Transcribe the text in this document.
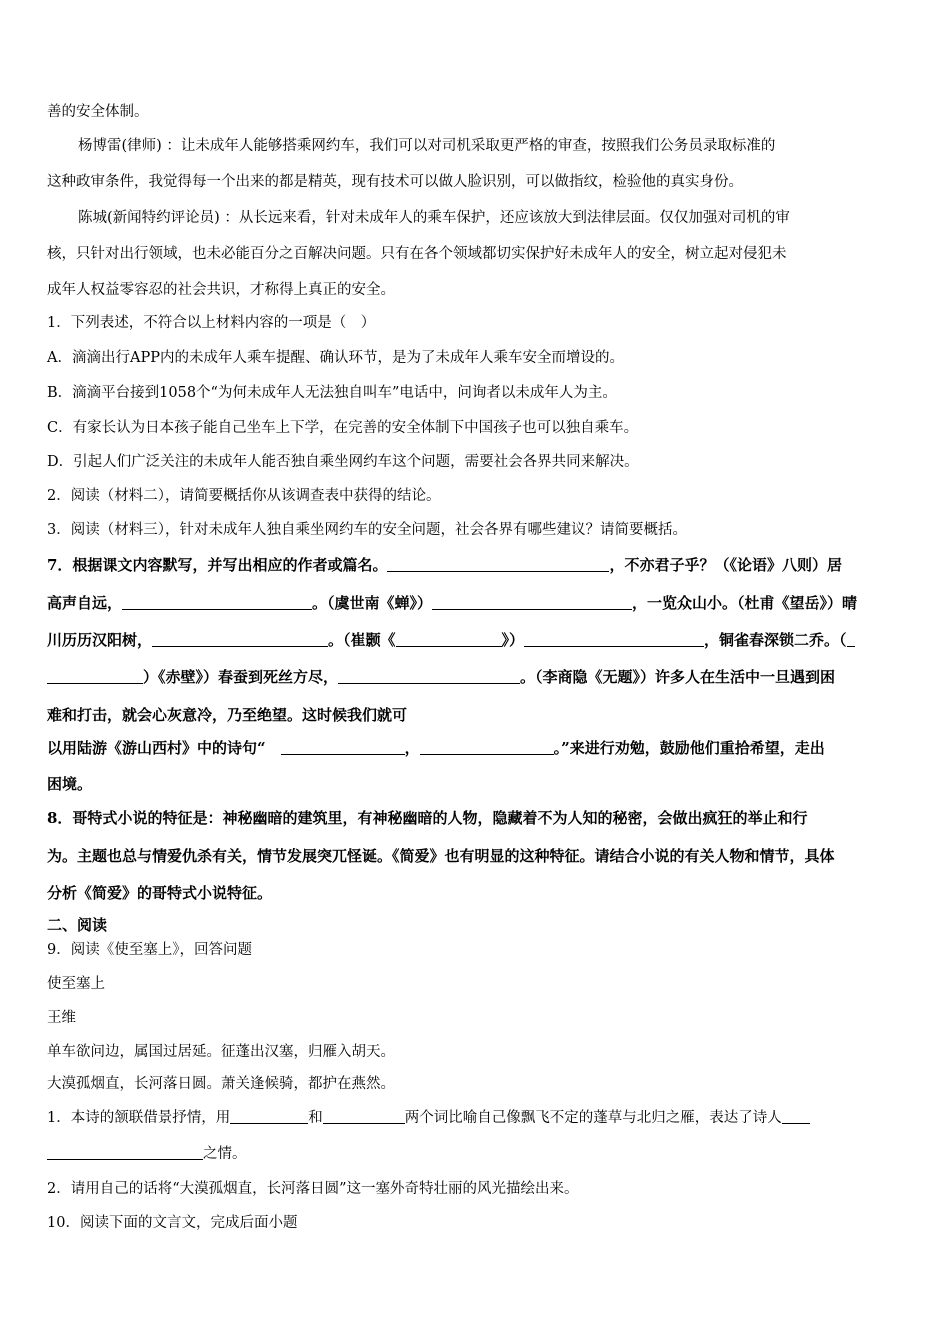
善的安全体制。
杨博雷(律师) ：让未成年人能够搭乘网约车，我们可以对司机采取更严格的审查，按照我们公务员录取标准的
这种政审条件，我觉得每一个出来的都是精英，现有技术可以做人脸识别，可以做指纹，检验他的真实身份。
陈城(新闻特约评论员) ：从长远来看，针对未成年人的乘车保护，还应该放大到法律层面。仅仅加强对司机的审
核，只针对出行领域，也未必能百分之百解决问题。只有在各个领域都切实保护好未成年人的安全，树立起对侵犯未
成年人权益零容忍的社会共识，才称得上真正的安全。
1．下列表述，不符合以上材料内容的一项是（　）
A．滴滴出行APP内的未成年人乘车提醒、确认环节，是为了未成年人乘车安全而增设的。
B．滴滴平台接到1058个“为何未成年人无法独自叫车”电话中，问询者以未成年人为主。
C．有家长认为日本孩子能自己坐车上下学，在完善的安全体制下中国孩子也可以独自乘车。
D．引起人们广泛关注的未成年人能否独自乘坐网约车这个问题，需要社会各界共同来解决。
2．阅读（材料二），请简要概括你从该调查表中获得的结论。
3．阅读（材料三），针对未成年人独自乘坐网约车的安全问题，社会各界有哪些建议？请简要概括。
7．根据课文内容默写，并写出相应的作者或篇名。	，不亦君子乎？（《论语》八则）居
高声自远，	。（虞世南《蝉》）	，一览众山小。（杜甫《望岳》）晴
川历历汉阳树，	。（崔颢《	》）	，铜雀春深锁二乔。（
）《赤壁》）春蚕到死丝方尽，	。（李商隐《无题》）许多人在生活中一旦遇到困
难和打击，就会心灰意冷，乃至绝望。这时候我们就可
以用陆游《游山西村》中的诗句“　	，	。”来进行劝勉，鼓励他们重拾希望，走出
困境。
8．哥特式小说的特征是：神秘幽暗的建筑里，有神秘幽暗的人物，隐藏着不为人知的秘密，会做出疯狂的举止和行
为。主题也总与情爱仇杀有关，情节发展突兀怪诞。《简爱》也有明显的这种特征。请结合小说的有关人物和情节，具体
分析《简爱》的哥特式小说特征。
二、阅读
9．阅读《使至塞上》，回答问题
使至塞上
王维
单车欲问边，属国过居延。征蓬出汉塞，归雁入胡天。
大漠孤烟直，长河落日圆。萧关逢候骑，都护在燕然。
1．本诗的颔联借景抒情，用	和	两个词比喻自己像飘飞不定的蓬草与北归之雁，表达了诗人
之情。
2．请用自己的话将“大漠孤烟直，长河落日圆”这一塞外奇特壮丽的风光描绘出来。
10．阅读下面的文言文，完成后面小题
